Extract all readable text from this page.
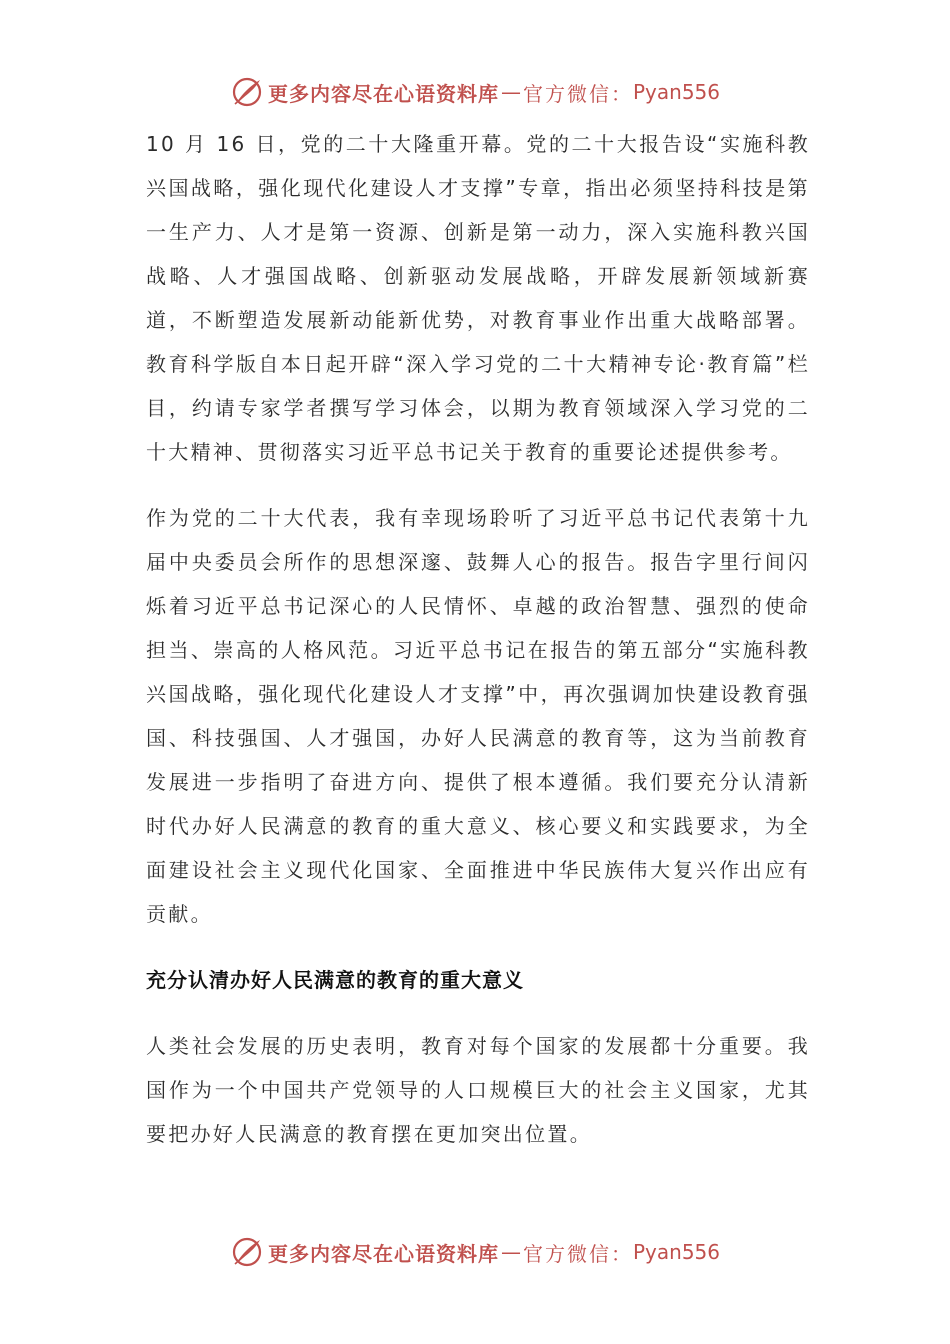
更多内容尽在心语资料库 — 官方微信： Pyan556

10 月 16 日，党的二十大隆重开幕。党的二十大报告设“实施科教兴国战略，强化现代化建设人才支撑”专章，指出必须坚持科技是第一生产力、人才是第一资源、创新是第一动力，深入实施科教兴国战略、人才强国战略、创新驱动发展战略，开辟发展新领域新赛道，不断塑造发展新动能新优势，对教育事业作出重大战略部署。教育科学版自本日起开辟“深入学习党的二十大精神专论·教育篇”栏目，约请专家学者撰写学习体会，以期为教育领域深入学习党的二十大精神、贯彻落实习近平总书记关于教育的重要论述提供参考。

作为党的二十大代表，我有幸现场聆听了习近平总书记代表第十九届中央委员会所作的思想深邃、鼓舞人心的报告。报告字里行间闪烁着习近平总书记深⼼的人民情怀、卓越的政治智慧、强烈的使命担当、崇高的人格风范。习近平总书记在报告的第五部分“实施科教兴国战略，强化现代化建设人才支撑”中，再次强调加快建设教育强国、科技强国、人才强国，办好人民满意的教育等，这为当前教育发展进一步指明了奋进方向、提供了根本遵循。我们要充分认清新时代办好人民满意的教育的重大意义、核心要义和实践要求，为全面建设社会主义现代化国家、全面推进中华民族伟大复兴作出应有贡献。

充分认清办好人民满意的教育的重大意义

人类社会发展的历史表明，教育对每个国家的发展都十分重要。我国作为一个中国共产党领导的人口规模巨大的社会主义国家，尤其要把办好人民满意的教育摆在更加突出位置。

更多内容尽在心语资料库 — 官方微信： Pyan556
